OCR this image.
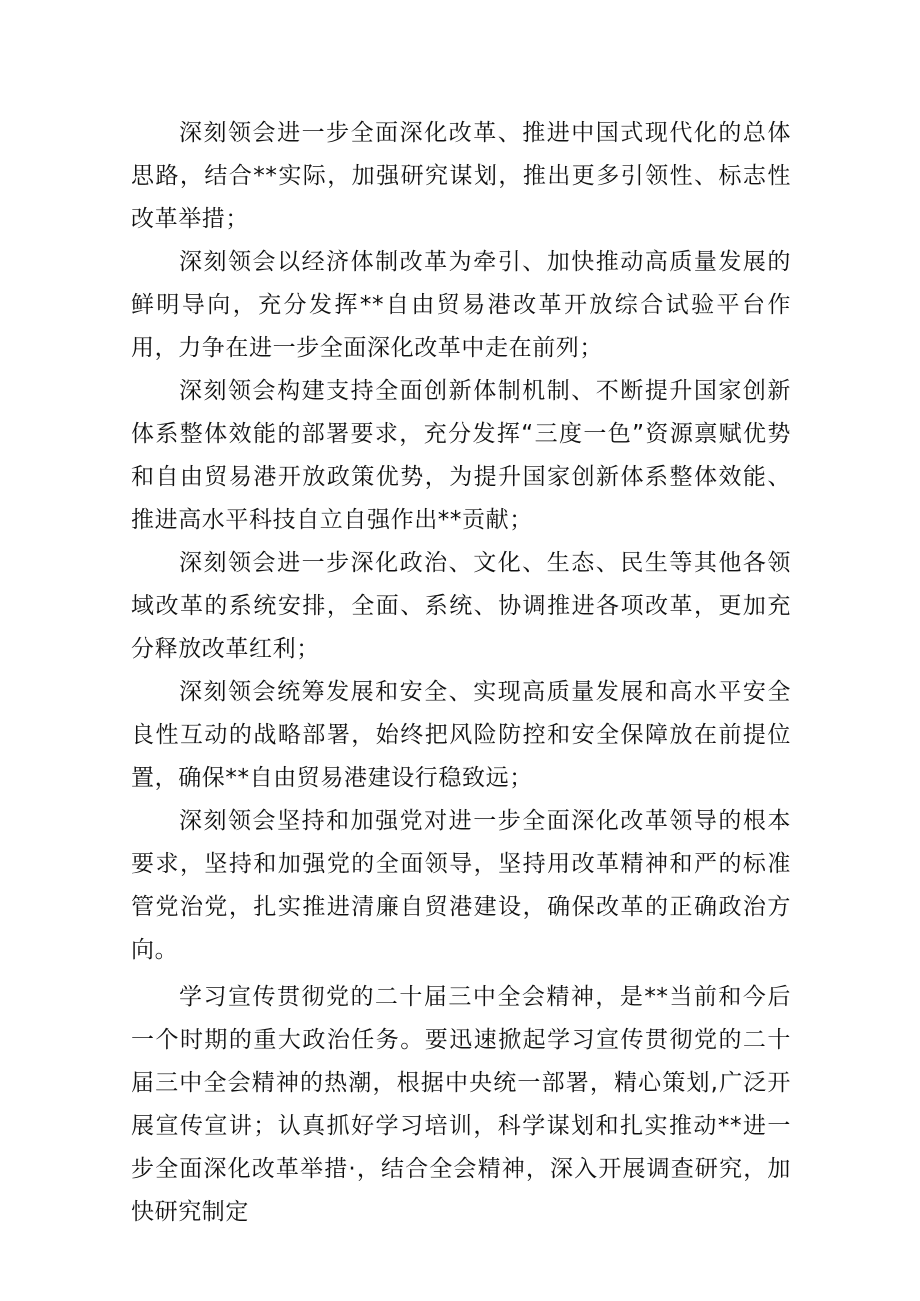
深刻领会进一步全面深化改革、推进中国式现代化的总体思路，结合**实际，加强研究谋划，推出更多引领性、标志性改革举措；

深刻领会以经济体制改革为牵引、加快推动高质量发展的鲜明导向，充分发挥**自由贸易港改革开放综合试验平台作用，力争在进一步全面深化改革中走在前列；

深刻领会构建支持全面创新体制机制、不断提升国家创新体系整体效能的部署要求，充分发挥“三度一色”资源禀赋优势和自由贸易港开放政策优势，为提升国家创新体系整体效能、推进高水平科技自立自强作出**贡献；

深刻领会进一步深化政治、文化、生态、民生等其他各领域改革的系统安排，全面、系统、协调推进各项改革，更加充分释放改革红利；

深刻领会统筹发展和安全、实现高质量发展和高水平安全良性互动的战略部署，始终把风险防控和安全保障放在前提位置，确保**自由贸易港建设行稳致远；

深刻领会坚持和加强党对进一步全面深化改革领导的根本要求，坚持和加强党的全面领导，坚持用改革精神和严的标准管党治党，扎实推进清廉自贸港建设，确保改革的正确政治方向。

学习宣传贯彻党的二十届三中全会精神，是**当前和今后一个时期的重大政治任务。要迅速掀起学习宣传贯彻党的二十届三中全会精神的热潮，根据中央统一部署，精心策划,广泛开展宣传宣讲；认真抓好学习培训，科学谋划和扎实推动**进一步全面深化改革举措·，结合全会精神，深入开展调查研究，加快研究制定
